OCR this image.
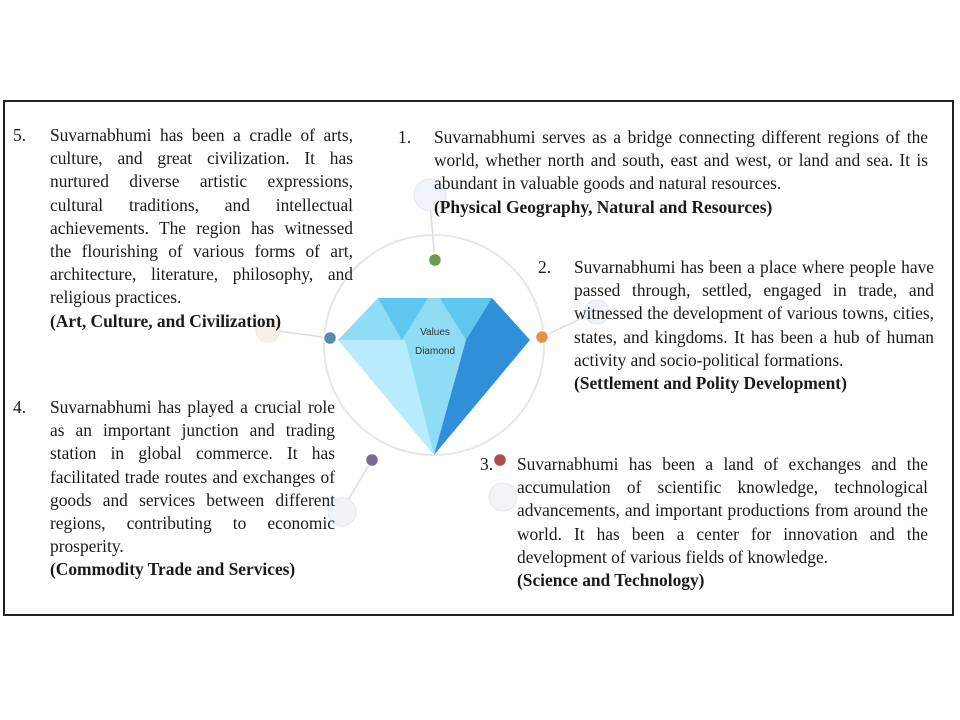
Values
Diamond
5. Suvarnabhumi has been a cradle of arts, culture, and great civilization. It has nurtured diverse artistic expressions, cultural traditions, and intellectual achievements. The region has witnessed the flourishing of various forms of art, architecture, literature, philosophy, and religious practices.
(Art, Culture, and Civilization)
1. Suvarnabhumi serves as a bridge connecting different regions of the world, whether north and south, east and west, or land and sea. It is abundant in valuable goods and natural resources.
(Physical Geography, Natural and Resources)
2. Suvarnabhumi has been a place where people have passed through, settled, engaged in trade, and witnessed the development of various towns, cities, states, and kingdoms. It has been a hub of human activity and socio-political formations.
(Settlement and Polity Development)
4. Suvarnabhumi has played a crucial role as an important junction and trading station in global commerce. It has facilitated trade routes and exchanges of goods and services between different regions, contributing to economic prosperity.
(Commodity Trade and Services)
3. Suvarnabhumi has been a land of exchanges and the accumulation of scientific knowledge, technological advancements, and important productions from around the world. It has been a center for innovation and the development of various fields of knowledge.
(Science and Technology)
